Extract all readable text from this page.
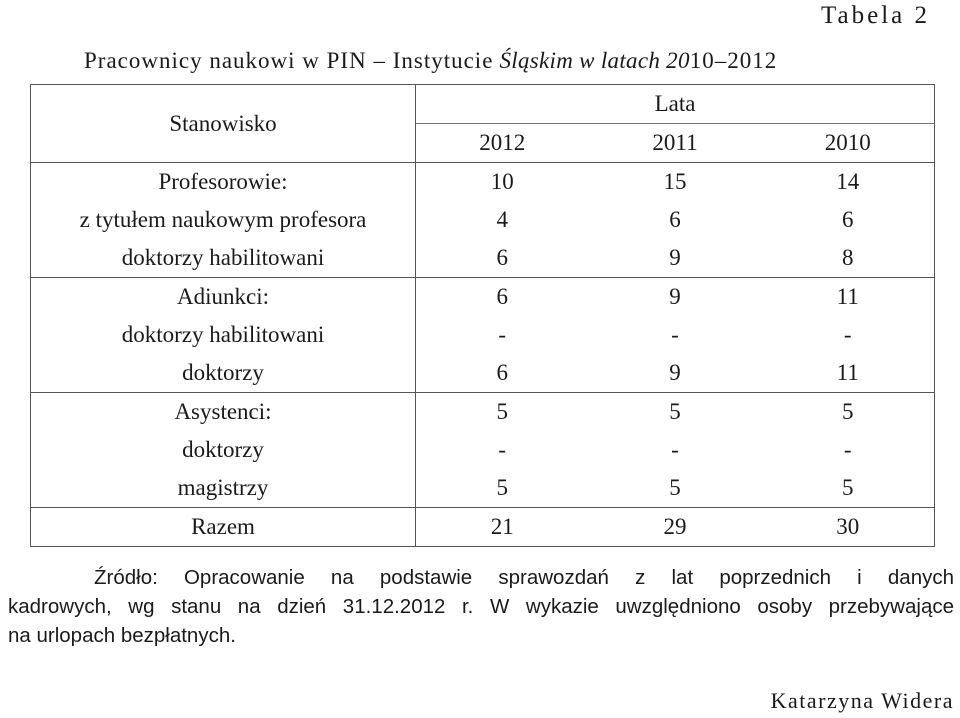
Tabela 2
Pracownicy naukowi w PIN – Instytucie Śląskim w latach 2010–2012
Stanowisko	Lata		
	2012	2011	2010
Profesorowie:	10	15	14
z tytułem naukowym profesora	4	6	6
doktorzy habilitowani	6	9	8
Adiunkci:	6	9	11
doktorzy habilitowani	-	-	-
doktorzy	6	9	11
Asystenci:	5	5	5
doktorzy	-	-	-
magistrzy	5	5	5
Razem	21	29	30
Źródło: Opracowanie na podstawie sprawozdań z lat poprzednich i danych
kadrowych, wg stanu na dzień 31.12.2012 r. W wykazie uwzględniono osoby przebywające
na urlopach bezpłatnych.
Katarzyna Widera
